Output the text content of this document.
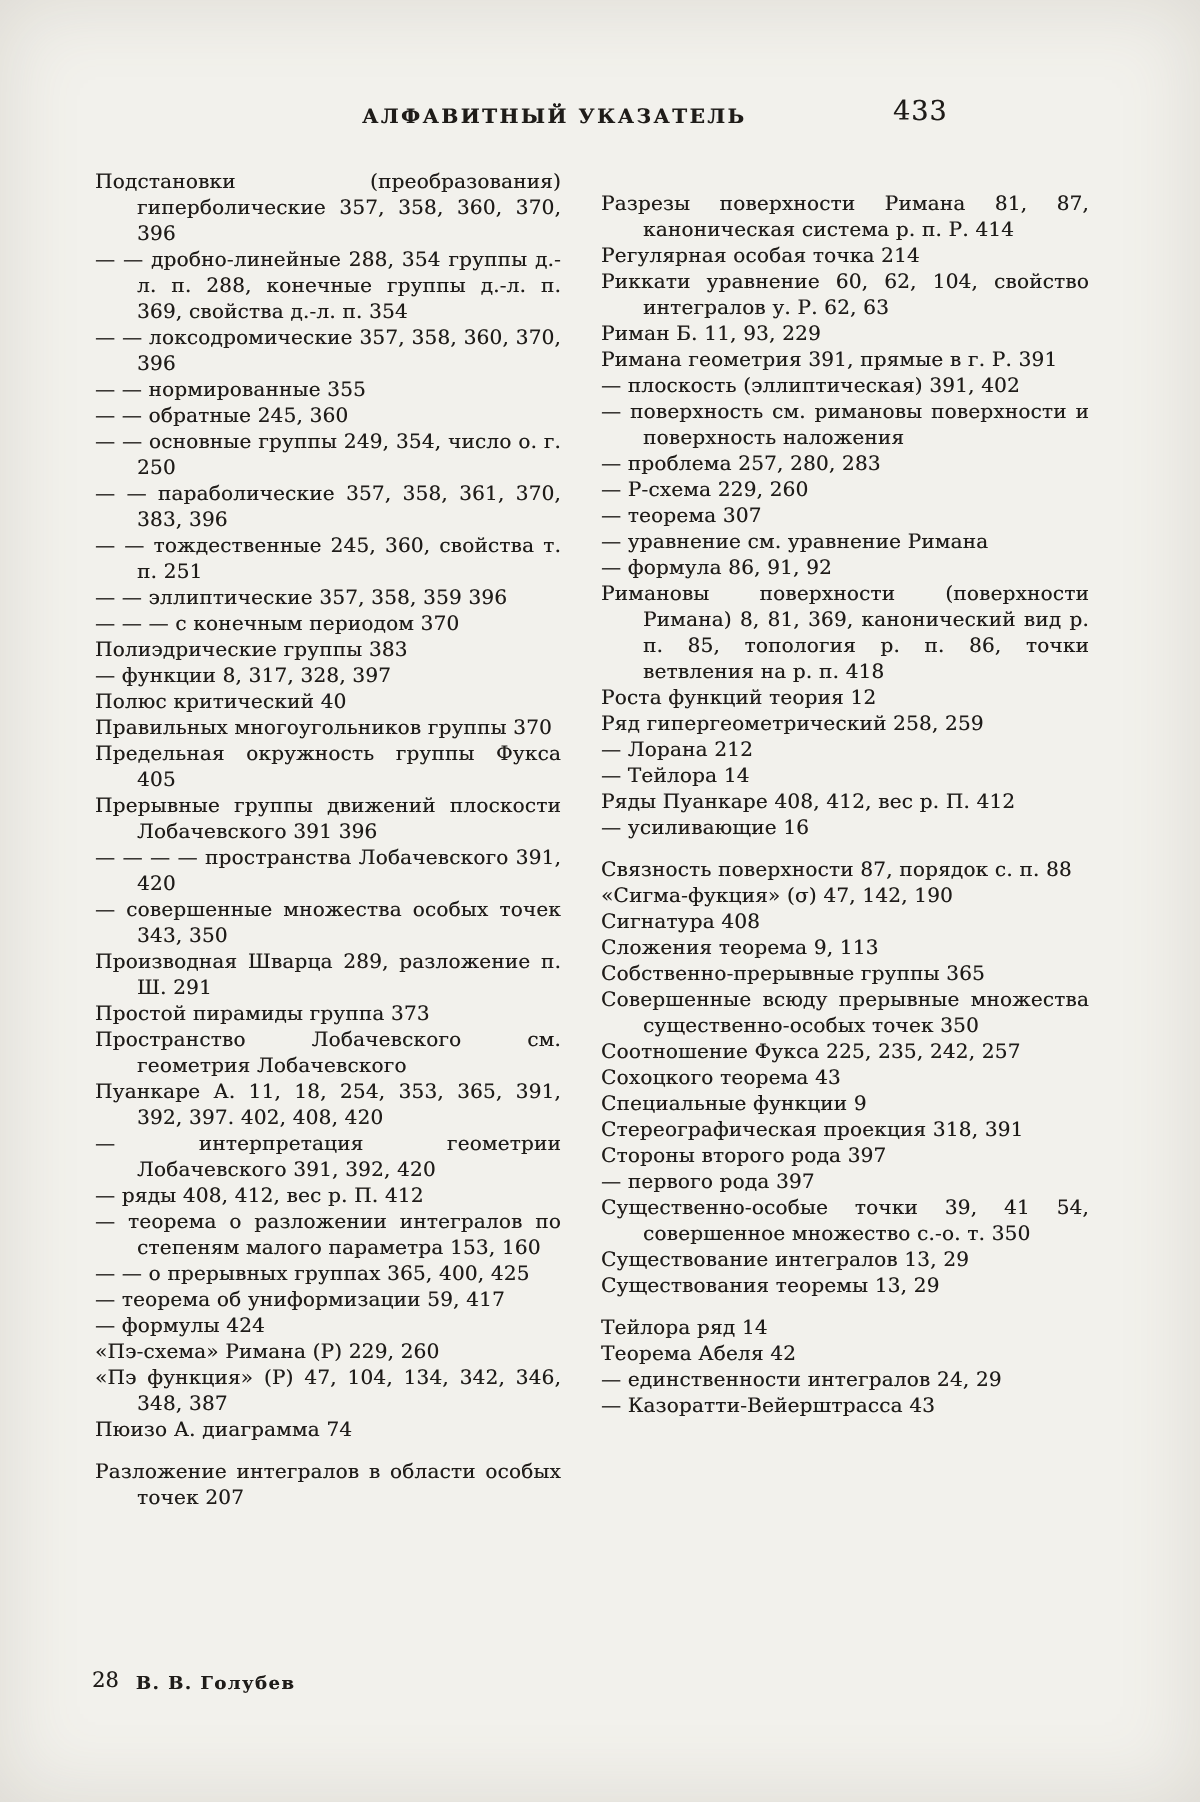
АЛФАВИТНЫЙ УКАЗАТЕЛЬ	433

Подстановки (преобразования) гиперболические 357, 358, 360, 370, 396

— — дробно-линейные 288, 354 группы д.-л. п. 288, конечные группы д.-л. п. 369, свойства д.-л. п. 354

— — локсодромические 357, 358, 360, 370, 396

— — нормированные 355

— — обратные 245, 360

— — основные группы 249, 354, число о. г. 250

— — параболические 357, 358, 361, 370, 383, 396

— — тождественные 245, 360, свойства т. п. 251

— — эллиптические 357, 358, 359 396

— — — с конечным периодом 370

Полиэдрические группы 383

— функции 8, 317, 328, 397

Полюс критический 40

Правильных многоугольников группы 370

Предельная окружность группы Фукса 405

Прерывные группы движений плоскости Лобачевского 391 396

— — — — пространства Лобачевского 391, 420

— совершенные множества особых точек 343, 350

Производная Шварца 289, разложение п. Ш. 291

Простой пирамиды группа 373

Пространство Лобачевского см. геометрия Лобачевского

Пуанкаре А. 11, 18, 254, 353, 365, 391, 392, 397. 402, 408, 420

— интерпретация геометрии Лобачевского 391, 392, 420

— ряды 408, 412, вес р. П. 412

— теорема о разложении интегралов по степеням малого параметра 153, 160

— — о прерывных группах 365, 400, 425

— теорема об униформизации 59, 417

— формулы 424

«Пэ-схема» Римана (Р) 229, 260

«Пэ функция» (Р) 47, 104, 134, 342, 346, 348, 387

Пюизо А. диаграмма 74

Разложение интегралов в области особых точек 207

Разрезы поверхности Римана 81, 87, каноническая система р. п. Р. 414

Регулярная особая точка 214

Риккати уравнение 60, 62, 104, свойство интегралов у. Р. 62, 63

Риман Б. 11, 93, 229

Римана геометрия 391, прямые в г. Р. 391

— плоскость (эллиптическая) 391, 402

— поверхность см. римановы поверхности и поверхность наложения

— проблема 257, 280, 283

— Р-схема 229, 260

— теорема 307

— уравнение см. уравнение Римана

— формула 86, 91, 92

Римановы поверхности (поверхности Римана) 8, 81, 369, канонический вид р. п. 85, топология р. п. 86, точки ветвления на р. п. 418

Роста функций теория 12

Ряд гипергеометрический 258, 259

— Лорана 212

— Тейлора 14

Ряды Пуанкаре 408, 412, вес р. П. 412

— усиливающие 16

Связность поверхности 87, порядок с. п. 88

«Сигма-фукция» (σ) 47, 142, 190

Сигнатура 408

Сложения теорема 9, 113

Собственно-прерывные группы 365

Совершенные всюду прерывные множества существенно-особых точек 350

Соотношение Фукса 225, 235, 242, 257

Сохоцкого теорема 43

Специальные функции 9

Стереографическая проекция 318, 391

Стороны второго рода 397

— первого рода 397

Существенно-особые точки 39, 41 54, совершенное множество с.-о. т. 350

Существование интегралов 13, 29

Существования теоремы 13, 29

Тейлора ряд 14

Теорема Абеля 42

— единственности интегралов 24, 29

— Казоратти-Вейерштрасса 43

28 В. В. Голубев
